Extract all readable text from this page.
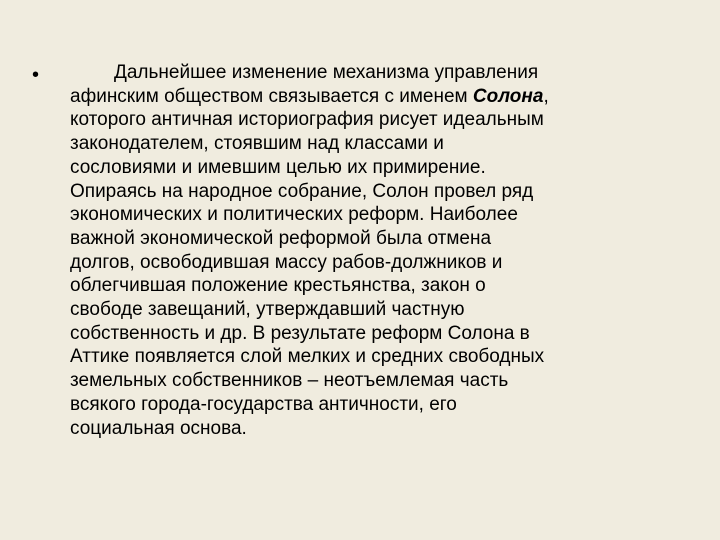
•	Дальнейшее изменение механизма управления
афинским обществом связывается с именем Солона,
которого античная историография рисует идеальным
законодателем, стоявшим над классами и
сословиями и имевшим целью их примирение.
Опираясь на народное собрание, Солон провел ряд
экономических и политических реформ. Наиболее
важной экономической реформой была отмена
долгов, освободившая массу рабов-должников и
облегчившая положение крестьянства, закон о
свободе завещаний, утверждавший частную
собственность и др. В результате реформ Солона в
Аттике появляется слой мелких и средних свободных
земельных собственников – неотъемлемая часть
всякого города-государства античности, его
социальная основа.
